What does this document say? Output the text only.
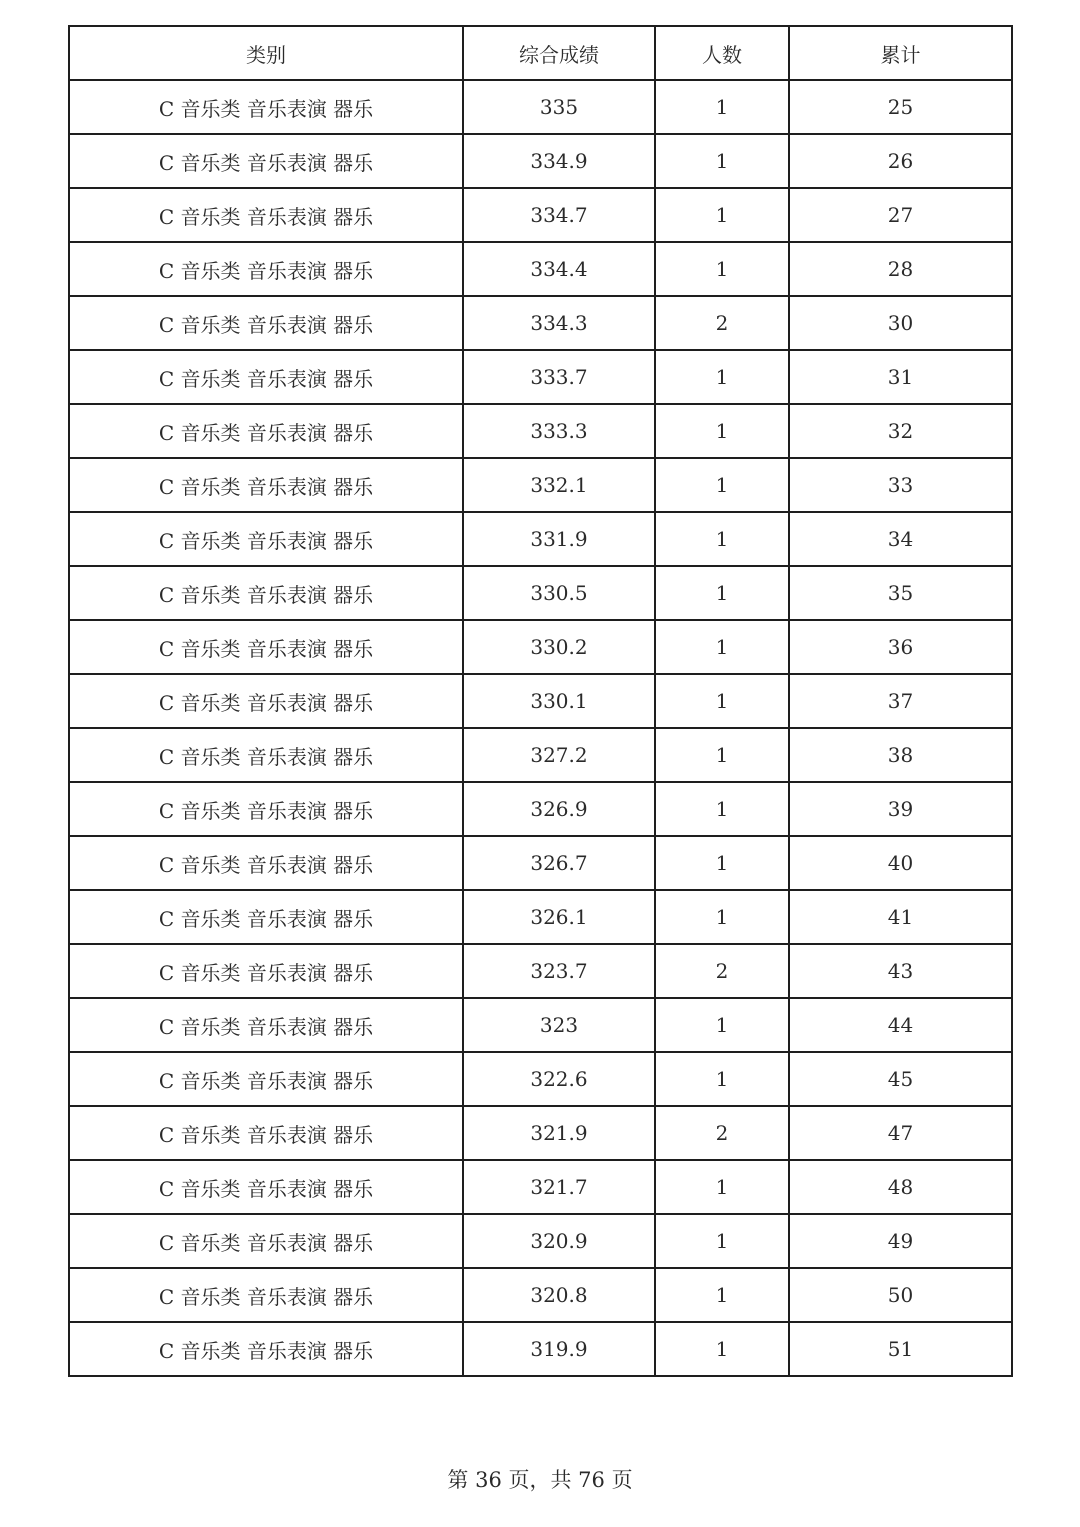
类别	综合成绩	人数	累计
C 音乐类 音乐表演 器乐	335	1	25
C 音乐类 音乐表演 器乐	334.9	1	26
C 音乐类 音乐表演 器乐	334.7	1	27
C 音乐类 音乐表演 器乐	334.4	1	28
C 音乐类 音乐表演 器乐	334.3	2	30
C 音乐类 音乐表演 器乐	333.7	1	31
C 音乐类 音乐表演 器乐	333.3	1	32
C 音乐类 音乐表演 器乐	332.1	1	33
C 音乐类 音乐表演 器乐	331.9	1	34
C 音乐类 音乐表演 器乐	330.5	1	35
C 音乐类 音乐表演 器乐	330.2	1	36
C 音乐类 音乐表演 器乐	330.1	1	37
C 音乐类 音乐表演 器乐	327.2	1	38
C 音乐类 音乐表演 器乐	326.9	1	39
C 音乐类 音乐表演 器乐	326.7	1	40
C 音乐类 音乐表演 器乐	326.1	1	41
C 音乐类 音乐表演 器乐	323.7	2	43
C 音乐类 音乐表演 器乐	323	1	44
C 音乐类 音乐表演 器乐	322.6	1	45
C 音乐类 音乐表演 器乐	321.9	2	47
C 音乐类 音乐表演 器乐	321.7	1	48
C 音乐类 音乐表演 器乐	320.9	1	49
C 音乐类 音乐表演 器乐	320.8	1	50
C 音乐类 音乐表演 器乐	319.9	1	51
第 36 页，共 76 页
